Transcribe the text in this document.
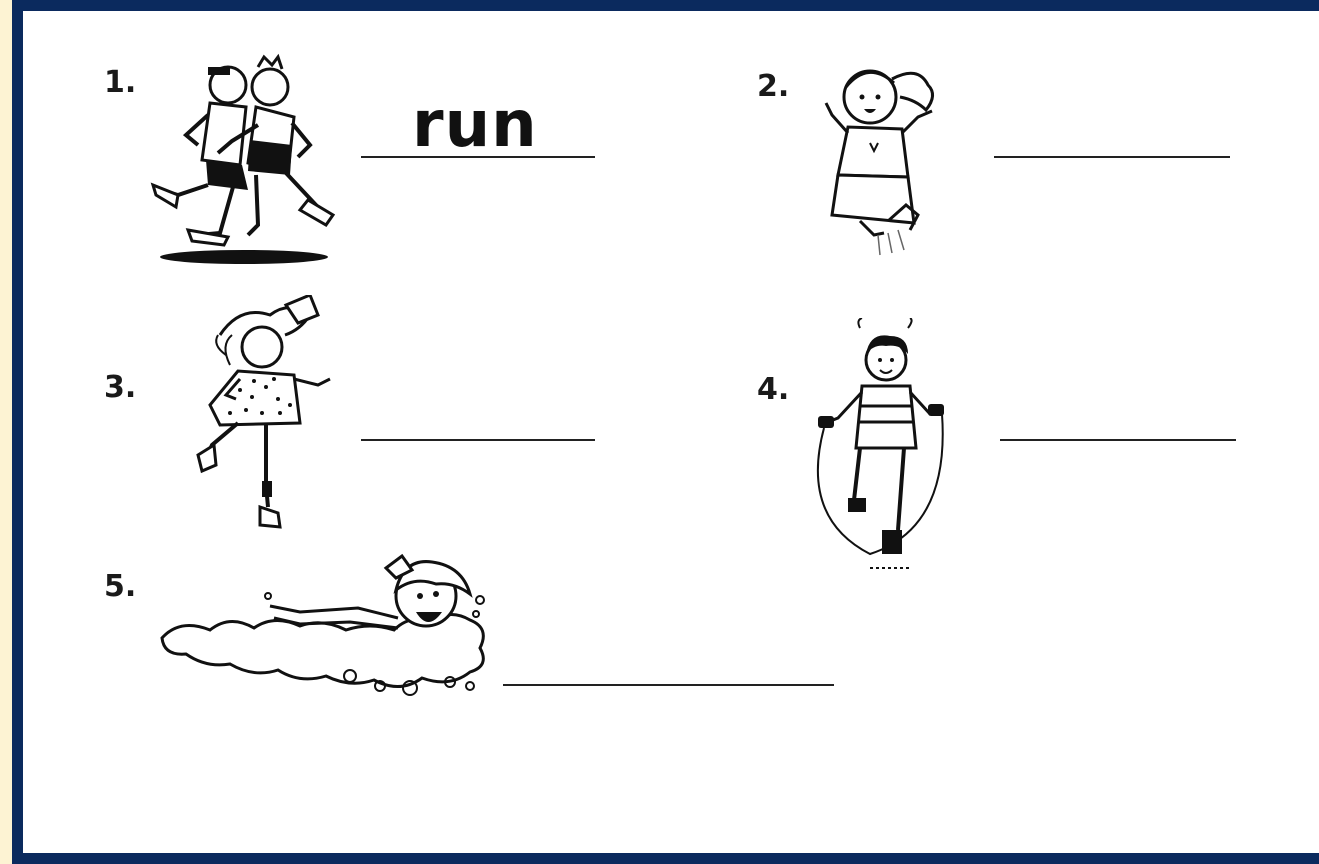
1.
run
2.
3.	4.
5.
